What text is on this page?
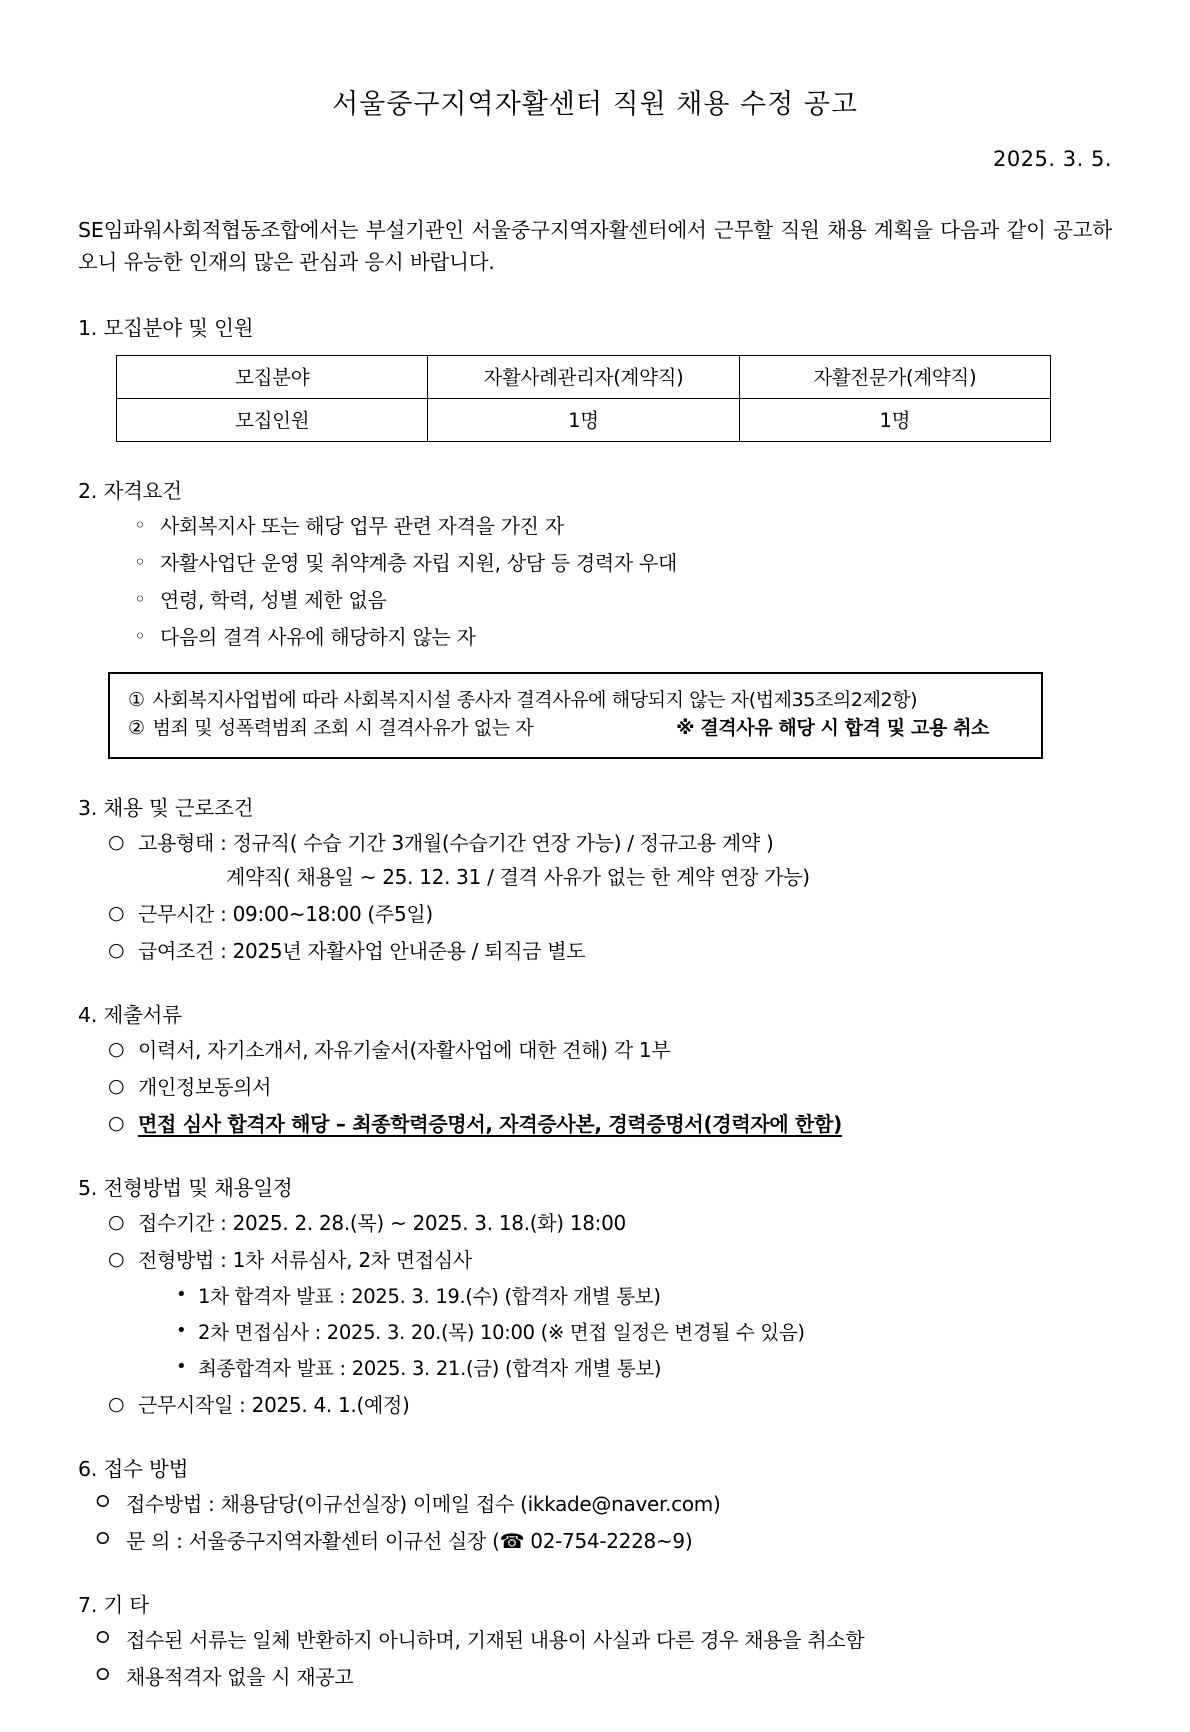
서울중구지역자활센터 직원 채용 수정 공고
2025. 3. 5.

SE임파워사회적협동조합에서는 부설기관인 서울중구지역자활센터에서 근무할 직원 채용 계획을 다음과 같이 공고하오니 유능한 인재의 많은 관심과 응시 바랍니다.

1. 모집분야 및 인원
모집분야	자활사례관리자(계약직)	자활전문가(계약직)
모집인원	1명	1명
2. 자격요건
◦ 사회복지사 또는 해당 업무 관련 자격을 가진 자
◦ 자활사업단 운영 및 취약계층 자립 지원, 상담 등 경력자 우대
◦ 연령, 학력, 성별 제한 없음
◦ 다음의 결격 사유에 해당하지 않는 자
① 사회복지사업법에 따라 사회복지시설 종사자 결격사유에 해당되지 않는 자(법제35조의2제2항)
※ 결격사유 해당 시 합격 및 고용 취소
② 범죄 및 성폭력범죄 조회 시 결격사유가 없는 자
3. 채용 및 근로조건
○ 고용형태 : 정규직( 수습 기간 3개월(수습기간 연장 가능) / 정규고용 계약 )
계약직( 채용일 ~ 25. 12. 31 / 결격 사유가 없는 한 계약 연장 가능)
○ 근무시간 : 09:00~18:00 (주5일)
○ 급여조건 : 2025년 자활사업 안내준용 / 퇴직금 별도
4. 제출서류
○ 이력서, 자기소개서, 자유기술서(자활사업에 대한 견해) 각 1부
○ 개인정보동의서
○ 면접 심사 합격자 해당 – 최종학력증명서, 자격증사본, 경력증명서(경력자에 한함)
5. 전형방법 및 채용일정
○ 접수기간 : 2025. 2. 28.(목) ~ 2025. 3. 18.(화) 18:00
○ 전형방법 : 1차 서류심사, 2차 면접심사
• 1차 합격자 발표 : 2025. 3. 19.(수) (합격자 개별 통보)
• 2차 면접심사 : 2025. 3. 20.(목) 10:00 (※ 면접 일정은 변경될 수 있음)
• 최종합격자 발표 : 2025. 3. 21.(금) (합격자 개별 통보)
○ 근무시작일 : 2025. 4. 1.(예정)
6. 접수 방법
⭘ 접수방법 : 채용담당(이규선실장) 이메일 접수 (ikkade@naver.com)
⭘ 문 의 : 서울중구지역자활센터 이규선 실장 (☎ 02-754-2228~9)
7. 기 타
⭘ 접수된 서류는 일체 반환하지 아니하며, 기재된 내용이 사실과 다른 경우 채용을 취소함
⭘ 채용적격자 없을 시 재공고
